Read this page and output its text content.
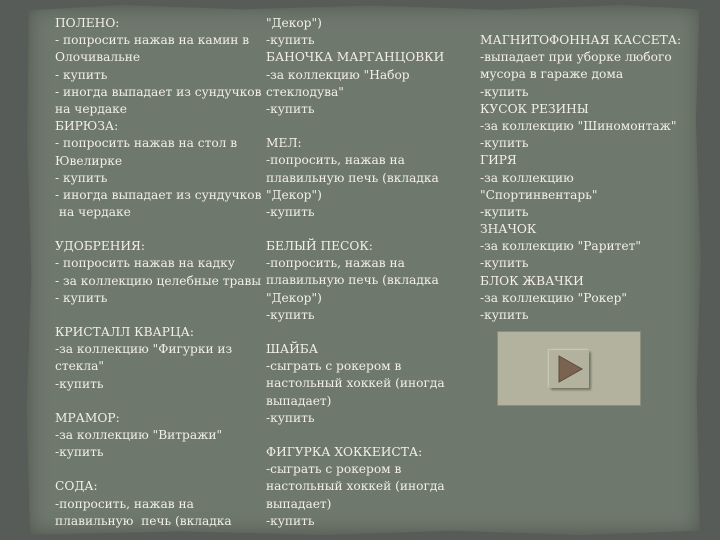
ПОЛЕНО:
- попросить нажав на камин в
Олочивальне
- купить
- иногда выпадает из сундучков
на чердаке
БИРЮЗА:
- попросить нажав на стол в
Ювелирке
- купить
- иногда выпадает из сундучков
на чердаке
УДОБРЕНИЯ:
- попросить нажав на кадку
- за коллекцию целебные травы
- купить
КРИСТАЛЛ КВАРЦА:
-за коллекцию "Фигурки из
стекла"
-купить
МРАМОР:
-за коллекцию "Витражи"
-купить
СОДА:
-попросить, нажав на
плавильную  печь (вкладка
"Декор")
-купить
БАНОЧКА МАРГАНЦОВКИ
-за коллекцию "Набор
стеклодува"
-купить
МЕЛ:
-попросить, нажав на
плавильную печь (вкладка
"Декор")
-купить
БЕЛЫЙ ПЕСОК:
-попросить, нажав на
плавильную печь (вкладка
"Декор")
-купить
ШАЙБА
-сыграть с рокером в
настольный хоккей (иногда
выпадает)
-купить
ФИГУРКА ХОККЕИСТА:
-сыграть с рокером в
настольный хоккей (иногда
выпадает)
-купить
МАГНИТОФОННАЯ КАССЕТА:
-выпадает при уборке любого
мусора в гараже дома
-купить
КУСОК РЕЗИНЫ
-за коллекцию "Шиномонтаж"
-купить
ГИРЯ
-за коллекцию
"Спортинвентарь"
-купить
ЗНАЧОК
-за коллекцию "Раритет"
-купить
БЛОК ЖВАЧКИ
-за коллекцию "Рокер"
-купить
